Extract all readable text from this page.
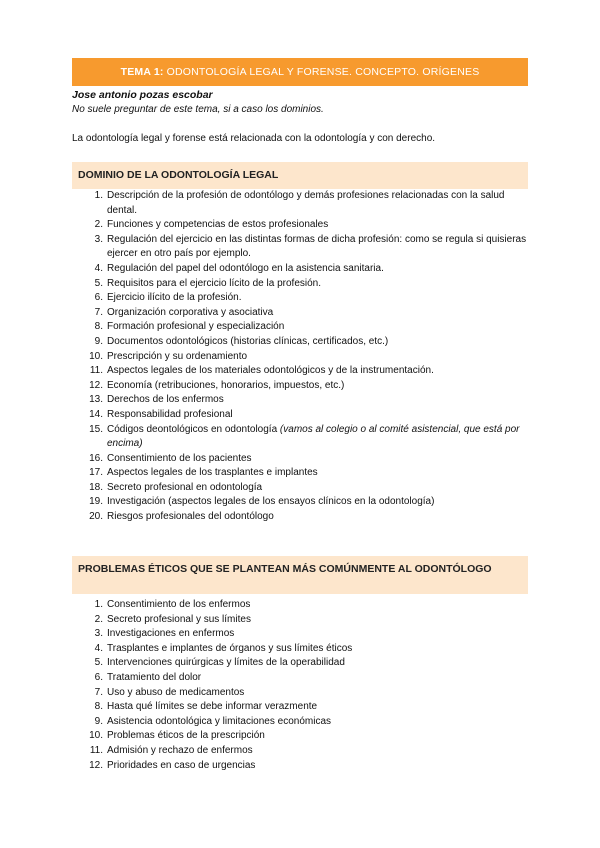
TEMA 1: ODONTOLOGÍA LEGAL Y FORENSE. CONCEPTO. ORÍGENES
Jose antonio pozas escobar
No suele preguntar de este tema, si a caso los dominios.
La odontología legal y forense está relacionada con la odontología y con derecho.
DOMINIO DE LA ODONTOLOGÍA LEGAL
1. Descripción de la profesión de odontólogo y demás profesiones relacionadas con la salud dental.
2. Funciones y competencias de estos profesionales
3. Regulación del ejercicio en las distintas formas de dicha profesión: como se regula si quisieras ejercer en otro país por ejemplo.
4. Regulación del papel del odontólogo en la asistencia sanitaria.
5. Requisitos para el ejercicio lícito de la profesión.
6. Ejercicio ilícito de la profesión.
7. Organización corporativa y asociativa
8. Formación profesional y especialización
9. Documentos odontológicos (historias clínicas, certificados, etc.)
10. Prescripción y su ordenamiento
11. Aspectos legales de los materiales odontológicos y de la instrumentación.
12. Economía (retribuciones, honorarios, impuestos, etc.)
13. Derechos de los enfermos
14. Responsabilidad profesional
15. Códigos deontológicos en odontología (vamos al colegio o al comité asistencial, que está por encima)
16. Consentimiento de los pacientes
17. Aspectos legales de los trasplantes e implantes
18. Secreto profesional en odontología
19. Investigación (aspectos legales de los ensayos clínicos en la odontología)
20. Riesgos profesionales del odontólogo
PROBLEMAS ÉTICOS QUE SE PLANTEAN MÁS COMÚNMENTE AL ODONTÓLOGO
1. Consentimiento de los enfermos
2. Secreto profesional y sus límites
3. Investigaciones en enfermos
4. Trasplantes e implantes de órganos y sus límites éticos
5. Intervenciones quirúrgicas y límites de la operabilidad
6. Tratamiento del dolor
7. Uso y abuso de medicamentos
8. Hasta qué límites se debe informar verazmente
9. Asistencia odontológica y limitaciones económicas
10. Problemas éticos de la prescripción
11. Admisión y rechazo de enfermos
12. Prioridades en caso de urgencias
